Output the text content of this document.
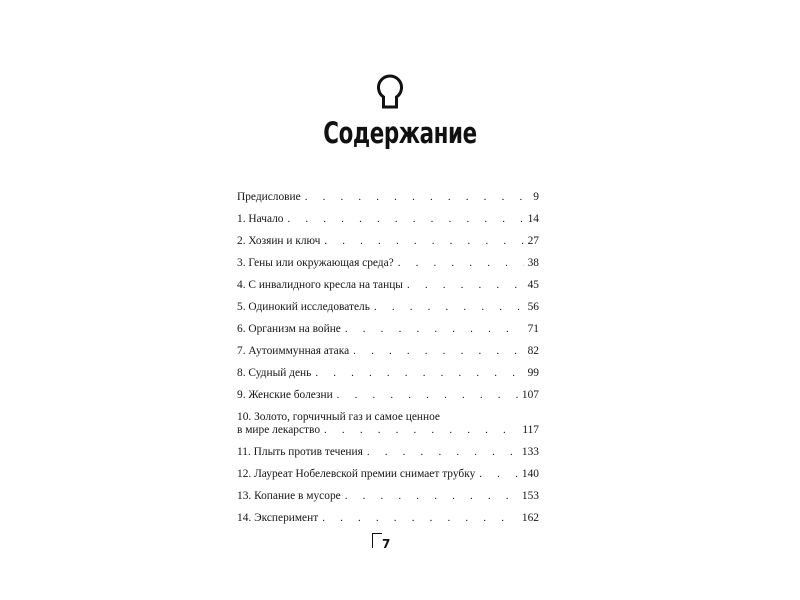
Содержание
Предисловие . . .	9
1. Начало . . .	14
2. Хозяин и ключ . . .	27
3. Гены или окружающая среда? . . .	38
4. С инвалидного кресла на танцы . . .	45
5. Одинокий исследователь . . .	56
6. Организм на войне . . .	71
7. Аутоиммунная атака . . .	82
8. Судный день . . .	99
9. Женские болезни . . .	107
10. Золото, горчичный газ и самое ценное
в мире лекарство . . .	117
11. Плыть против течения . . .	133
12. Лауреат Нобелевской премии снимает трубку . . .	140
13. Копание в мусоре . . .	153
14. Эксперимент . . .	162
7
